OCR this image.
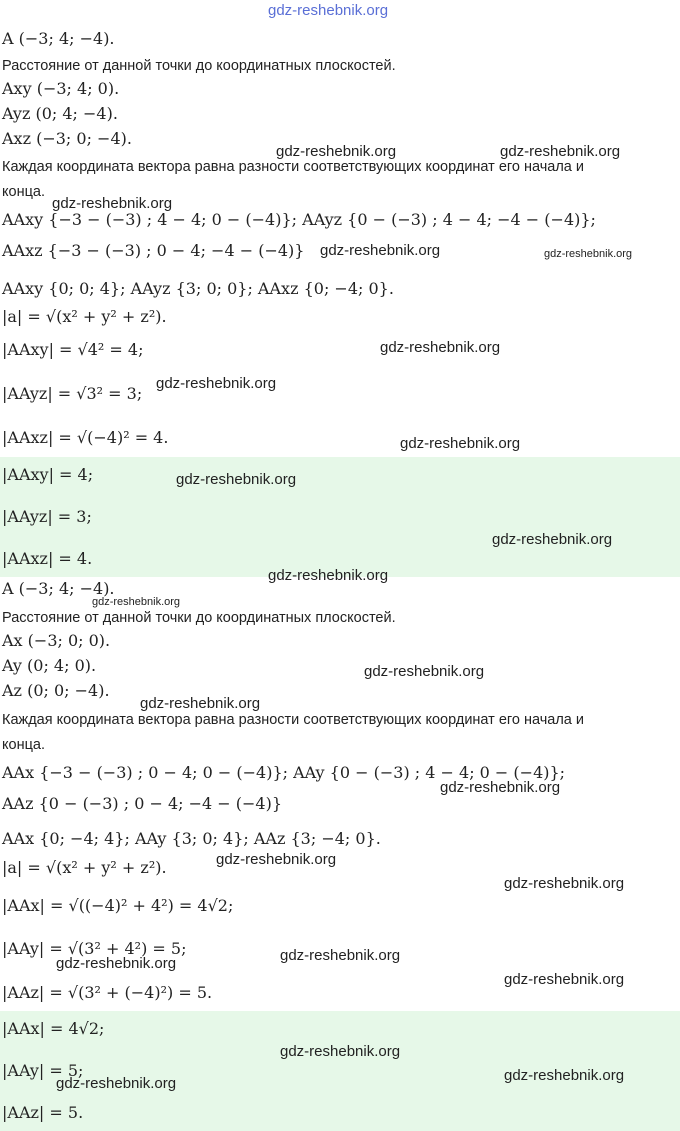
A (−3; 4; −4).
Расстояние от данной точки до координатных плоскостей.
Axy (−3; 4; 0).
Ayz (0; 4; −4).
Axz (−3; 0; −4).
Каждая координата вектора равна разности соответствующих координат его начала и
конца.
AAxy {−3 − (−3) ; 4 − 4; 0 − (−4)}; AAyz {0 − (−3) ; 4 − 4; −4 − (−4)};
AAxz {−3 − (−3) ; 0 − 4; −4 − (−4)}
AAxy {0; 0; 4}; AAyz {3; 0; 0}; AAxz {0; −4; 0}.
|a| = √(x² + y² + z²).
|AAxy| = √4² = 4;
|AAyz| = √3² = 3;
|AAxz| = √(−4)² = 4.
|AAxy| = 4;
|AAyz| = 3;
|AAxz| = 4.
A (−3; 4; −4).
Расстояние от данной точки до координатных плоскостей.
Ax (−3; 0; 0).
Ay (0; 4; 0).
Az (0; 0; −4).
Каждая координата вектора равна разности соответствующих координат его начала и
конца.
AAx {−3 − (−3) ; 0 − 4; 0 − (−4)}; AAy {0 − (−3) ; 4 − 4; 0 − (−4)};
AAz {0 − (−3) ; 0 − 4; −4 − (−4)}
AAx {0; −4; 4}; AAy {3; 0; 4}; AAz {3; −4; 0}.
|a| = √(x² + y² + z²).
|AAx| = √((−4)² + 4²) = 4√2;
|AAy| = √(3² + 4²) = 5;
|AAz| = √(3² + (−4)²) = 5.
|AAx| = 4√2;
|AAy| = 5;
|AAz| = 5.
gdz-reshebnik.org
gdz-reshebnik.org	gdz-reshebnik.org
gdz-reshebnik.org
gdz-reshebnik.org	gdz-reshebnik.org
gdz-reshebnik.org
gdz-reshebnik.org
gdz-reshebnik.org
gdz-reshebnik.org
gdz-reshebnik.org
gdz-reshebnik.org
gdz-reshebnik.org
gdz-reshebnik.org
gdz-reshebnik.org
gdz-reshebnik.org
gdz-reshebnik.org
gdz-reshebnik.org
gdz-reshebnik.org
gdz-reshebnik.org
gdz-reshebnik.org
gdz-reshebnik.org
gdz-reshebnik.org
gdz-reshebnik.org
